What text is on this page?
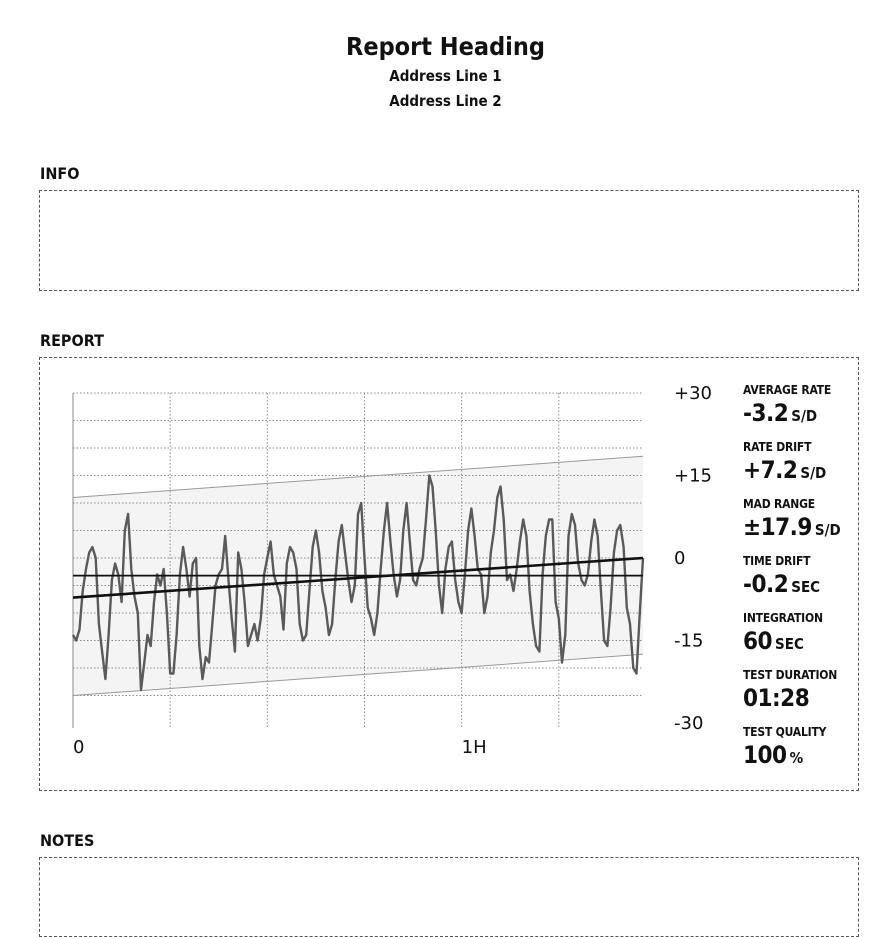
Report Heading
Address Line 1
Address Line 2
INFO
REPORT
+30
+15
0
-15
-30
0	1H
AVERAGE RATE
-3.2 S/D
RATE DRIFT
+7.2 S/D
MAD RANGE
±17.9 S/D
TIME DRIFT
-0.2 SEC
INTEGRATION
60 SEC
TEST DURATION
01:28
TEST QUALITY
100 %
NOTES
